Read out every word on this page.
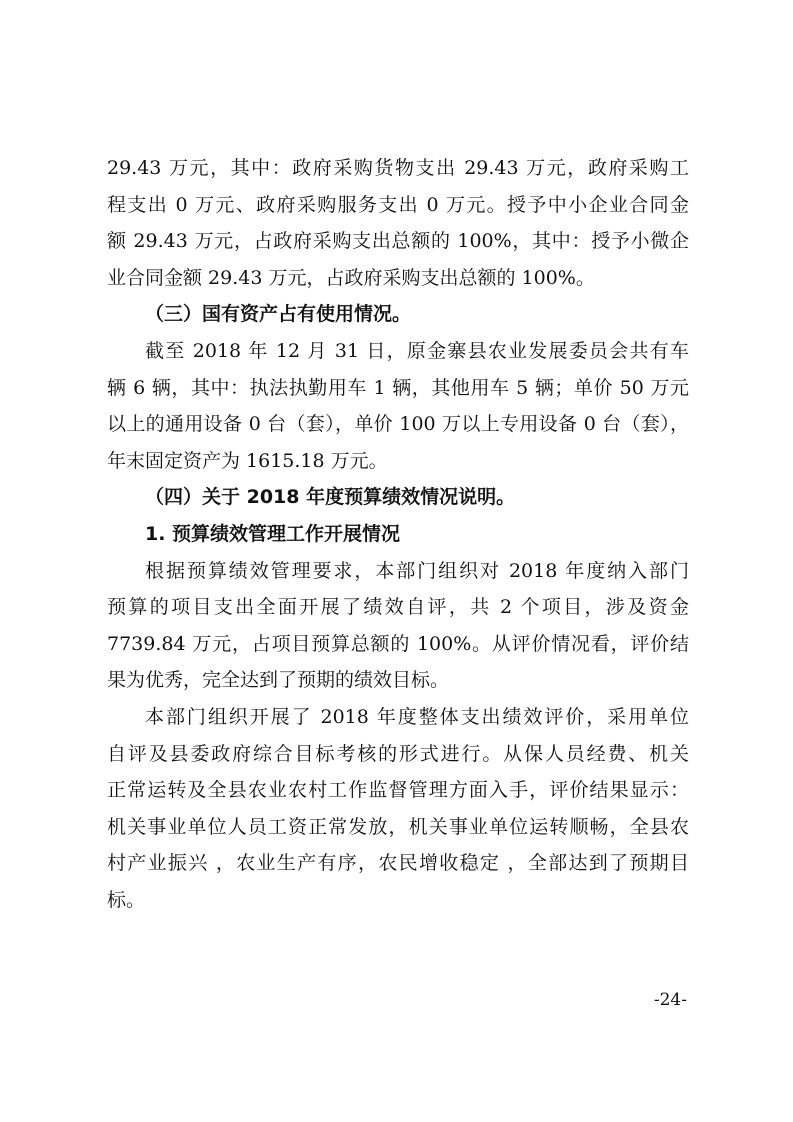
29.43 万元，其中：政府采购货物支出 29.43 万元，政府采购工
程支出 0 万元、政府采购服务支出 0 万元。授予中小企业合同金
额 29.43 万元，占政府采购支出总额的 100%，其中：授予小微企
业合同金额 29.43 万元，占政府采购支出总额的 100%。
（三）国有资产占有使用情况。
截至 2018 年 12 月 31 日，原金寨县农业发展委员会共有车
辆 6 辆，其中：执法执勤用车 1 辆，其他用车 5 辆；单价 50 万元
以上的通用设备 0 台（套），单价 100 万以上专用设备 0 台（套），
年末固定资产为 1615.18 万元。
（四）关于 2018 年度预算绩效情况说明。
1. 预算绩效管理工作开展情况
根据预算绩效管理要求，本部门组织对 2018 年度纳入部门
预算的项目支出全面开展了绩效自评，共 2 个项目，涉及资金
7739.84 万元，占项目预算总额的 100%。从评价情况看，评价结
果为优秀，完全达到了预期的绩效目标。
本部门组织开展了 2018 年度整体支出绩效评价，采用单位
自评及县委政府综合目标考核的形式进行。从保人员经费、机关
正常运转及全县农业农村工作监督管理方面入手，评价结果显示：
机关事业单位人员工资正常发放，机关事业单位运转顺畅，全县农
村产业振兴 ，农业生产有序，农民增收稳定 ，全部达到了预期目
标。
-24-
